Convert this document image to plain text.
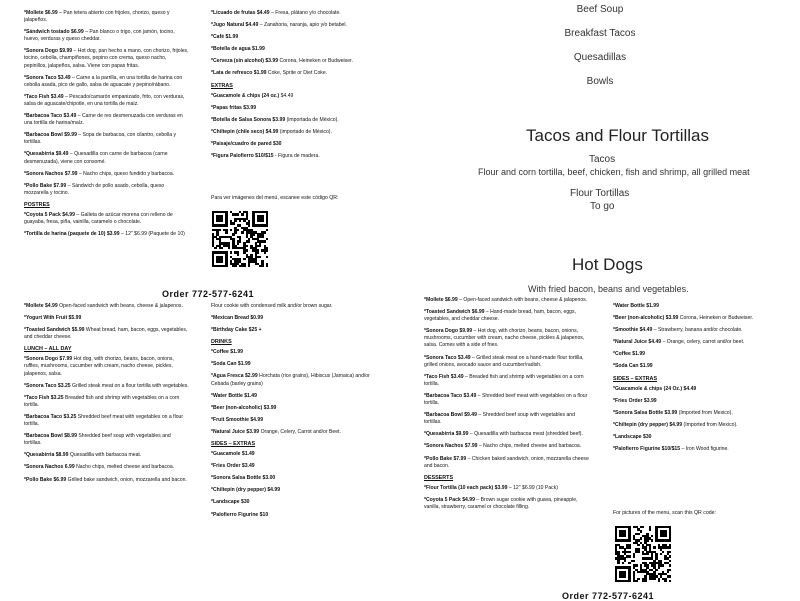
*Mollete $6.99 – Pan tetera abierto con frijoles, chorizo, queso y jalapeños.
*Sándwich tostado $6.99 – Pan blanco o trigo, con jamón, tocino, huevo, verduras y queso cheddar.
*Sonora Dogo $9.99 – Hot dog, pan hecho a mano, con chorizo, frijoles, tocino, cebolla, champiñones, pepino con crema, queso nacho, pepinillos, jalapeños, salsa. Viene con papas fritas.
*Sonora Taco $3.49 – Carne a la parrilla, en una tortilla de harina con cebolla asada, pico de gallo, salsa de aguacate y pepino/rábano.
*Taco Fish $3.49 – Pescado/camarón empanizado, frito, con verduras, salsa de aguacate/chipotle, en una tortilla de maíz.
*Barbacoa Taco $3.49 – Carne de res desmenuzada con verduras en una tortilla de harina/maíz.
*Barbacoa Bowl $9.99 – Sopa de barbacoa, con cilantro, cebolla y tortillas.
*Quesabirria $9.49 – Quesadilla con carne de barbacoa (carne desmenuzada), viene con consomé.
*Sonora Nachos $7.99 – Nacho chips, queso fundido y barbacoa.
*Pollo Bake $7.99 – Sándwich de pollo asado, cebolla, queso mozzarella y tocino.
POSTRES
*Coyota 5 Pack $4.99 – Galleta de azúcar morena con relleno de guayaba, fresa, piña, vainilla, caramelo o chocolate.
*Tortilla de harina (paquete de 10) $3.99 – 12" $6.99 (Paquete de 10)
*Licuado de frutas $4.49 – Fresa, plátano y/o chocolate.
*Jugo Natural $4.49 – Zanahoria, naranja, apio y/o betabel.
*Café $1.99
*Botella de agua $1.99
*Cerveza (sin alcohol) $3.99 Corona, Heineken or Budweiser.
*Lata de refresco $1.99 Coke, Sprite or Diet Coke.
EXTRAS
*Guacamole & chips (24 oz.) $4.49
*Papas fritas $3.99
*Botella de Salsa Sonora $3.99 (importada de México).
*Chiltepin (chile seco) $4.99 (importado de México).
*Paisaje/cuadro de pared $30
*Figura Palofierro $10/$15 - Figura de madera.
Para ver imágenes del menú, escanee este código QR:
Order 772-577-6241
Beef Soup
Breakfast Tacos
Quesadillas
Bowls
Tacos and Flour Tortillas
Tacos
Flour and corn tortilla, beef, chicken, fish and shrimp, all grilled meat
Flour Tortillas
To go
Hot Dogs
With fried bacon, beans and vegetables.
*Mollete $4.99 Open-faced sandwich with beans, cheese & jalapenos.
*Yogurt With Fruit $5.99
*Toasted Sandwich $5.99 Wheat bread, ham, bacon, eggs, vegetables, and cheddar cheese.
LUNCH – ALL DAY
*Sonora Dogo $7.99 Hot dog, with chorizo, beans, bacon, onions, ruffles, mushrooms, cucumber with cream, nacho cheese, pickles, jalapenos, salsa.
*Sonora Taco $3.25 Grilled steak meat on a flour tortilla with vegetables.
*Taco Fish $3.25 Breaded fish and shrimp with vegetables on a corn tortilla.
*Barbacoa Taco $3.25 Shredded beef meat with vegetables on a flour tortilla.
*Barbacoa Bowl $8.99 Shredded beef soup with vegetables and tortillas.
*Quesabirria $8.99 Quesadilla with barbacoa meat.
*Sonora Nachos 6.99 Nacho chips, melted cheese and barbacoa.
*Pollo Bake $6.99 Grilled bake sandwich, onion, mozzarella and bacon.
Flour cookie with condensed milk and/or brown sugar.
*Mexican Bread $0.99
*Birthday Cake $25 +
DRINKS
*Coffee $1.99
*Soda Can $1.99
*Agua Fresca $2.99 Horchata (rice grains), Hibiscus (Jamaica) and/or Cebada (barley grains)
*Water Bottle $1.49
*Beer (non-alcoholic) $3.99
*Fruit Smoothie $4.99
*Natural Juice $3.99 Orange, Celery, Carrot and/or Beet.
SIDES – EXTRAS
*Guacamole $1.49
*Fries Order $3.49
*Sonora Salsa Bottle $3.00
*Chiltepin (dry pepper) $4.99
*Landscape $30
*Palofierro Figurine $10
*Mollete $6.99 – Open-faced sandwich with beans, cheese & jalapenos.
*Toasted Sandwich $6.99 – Hand-made bread, ham, bacon, eggs, vegetables, and cheddar cheese.
*Sonora Dogo $9.99 – Hot dog, with chorizo, beans, bacon, onions, mushrooms, cucumber with cream, nacho cheese, pickles & jalapenos, salsa. Comes with a side of fries.
*Sonora Taco $3.49 – Grilled steak meat on a hand-made flour tortilla, grilled onions, avocado sauce and cucumber/radish.
*Taco Fish $3.49 – Breaded fish and shrimp with vegetables on a corn tortilla.
*Barbacoa Taco $3.49 – Shredded beef meat with vegetables on a flour tortilla.
*Barbacoa Bowl $9.49 – Shredded beef soup with vegetables and tortillas.
*Quesabirria $9.99 – Quesadilla with barbacoa meat (shredded beef).
*Sonora Nachos $7.99 – Nacho chips, melted cheese and barbacoa.
*Pollo Bake $7.99 – Chicken baked sandwich, onion, mozzarella cheese and bacon.
DESSERTS
*Flour Tortilla (10 each pack) $3.99 – 12" $6.99 (10 Pack)
*Coyota 5 Pack $4.99 – Brown sugar cookie with guava, pineapple, vanilla, strawberry, caramel or chocolate filling.
*Water Bottle $1.99
*Beer (non-alcoholic) $3.99 Corona, Heineken or Budweiser.
*Smoothie $4.49 – Strawberry, banana and/or chocolate.
*Natural Juice $4.49 – Orange, celery, carrot and/or beet.
*Coffee $1.99
*Soda Can $1.99
SIDES – EXTRAS
*Guacamole & chips (24 Oz.) $4.49
*Fries Order $3.99
*Sonora Salsa Bottle $3.99 (Imported from Mexico).
*Chiltepin (dry pepper) $4.99 (Imported from Mexico).
*Landscape $30
*Palofierro Figurine $10/$15 – Iron Wood figurine.
For pictures of the menu, scan this QR code:
Order 772-577-6241
